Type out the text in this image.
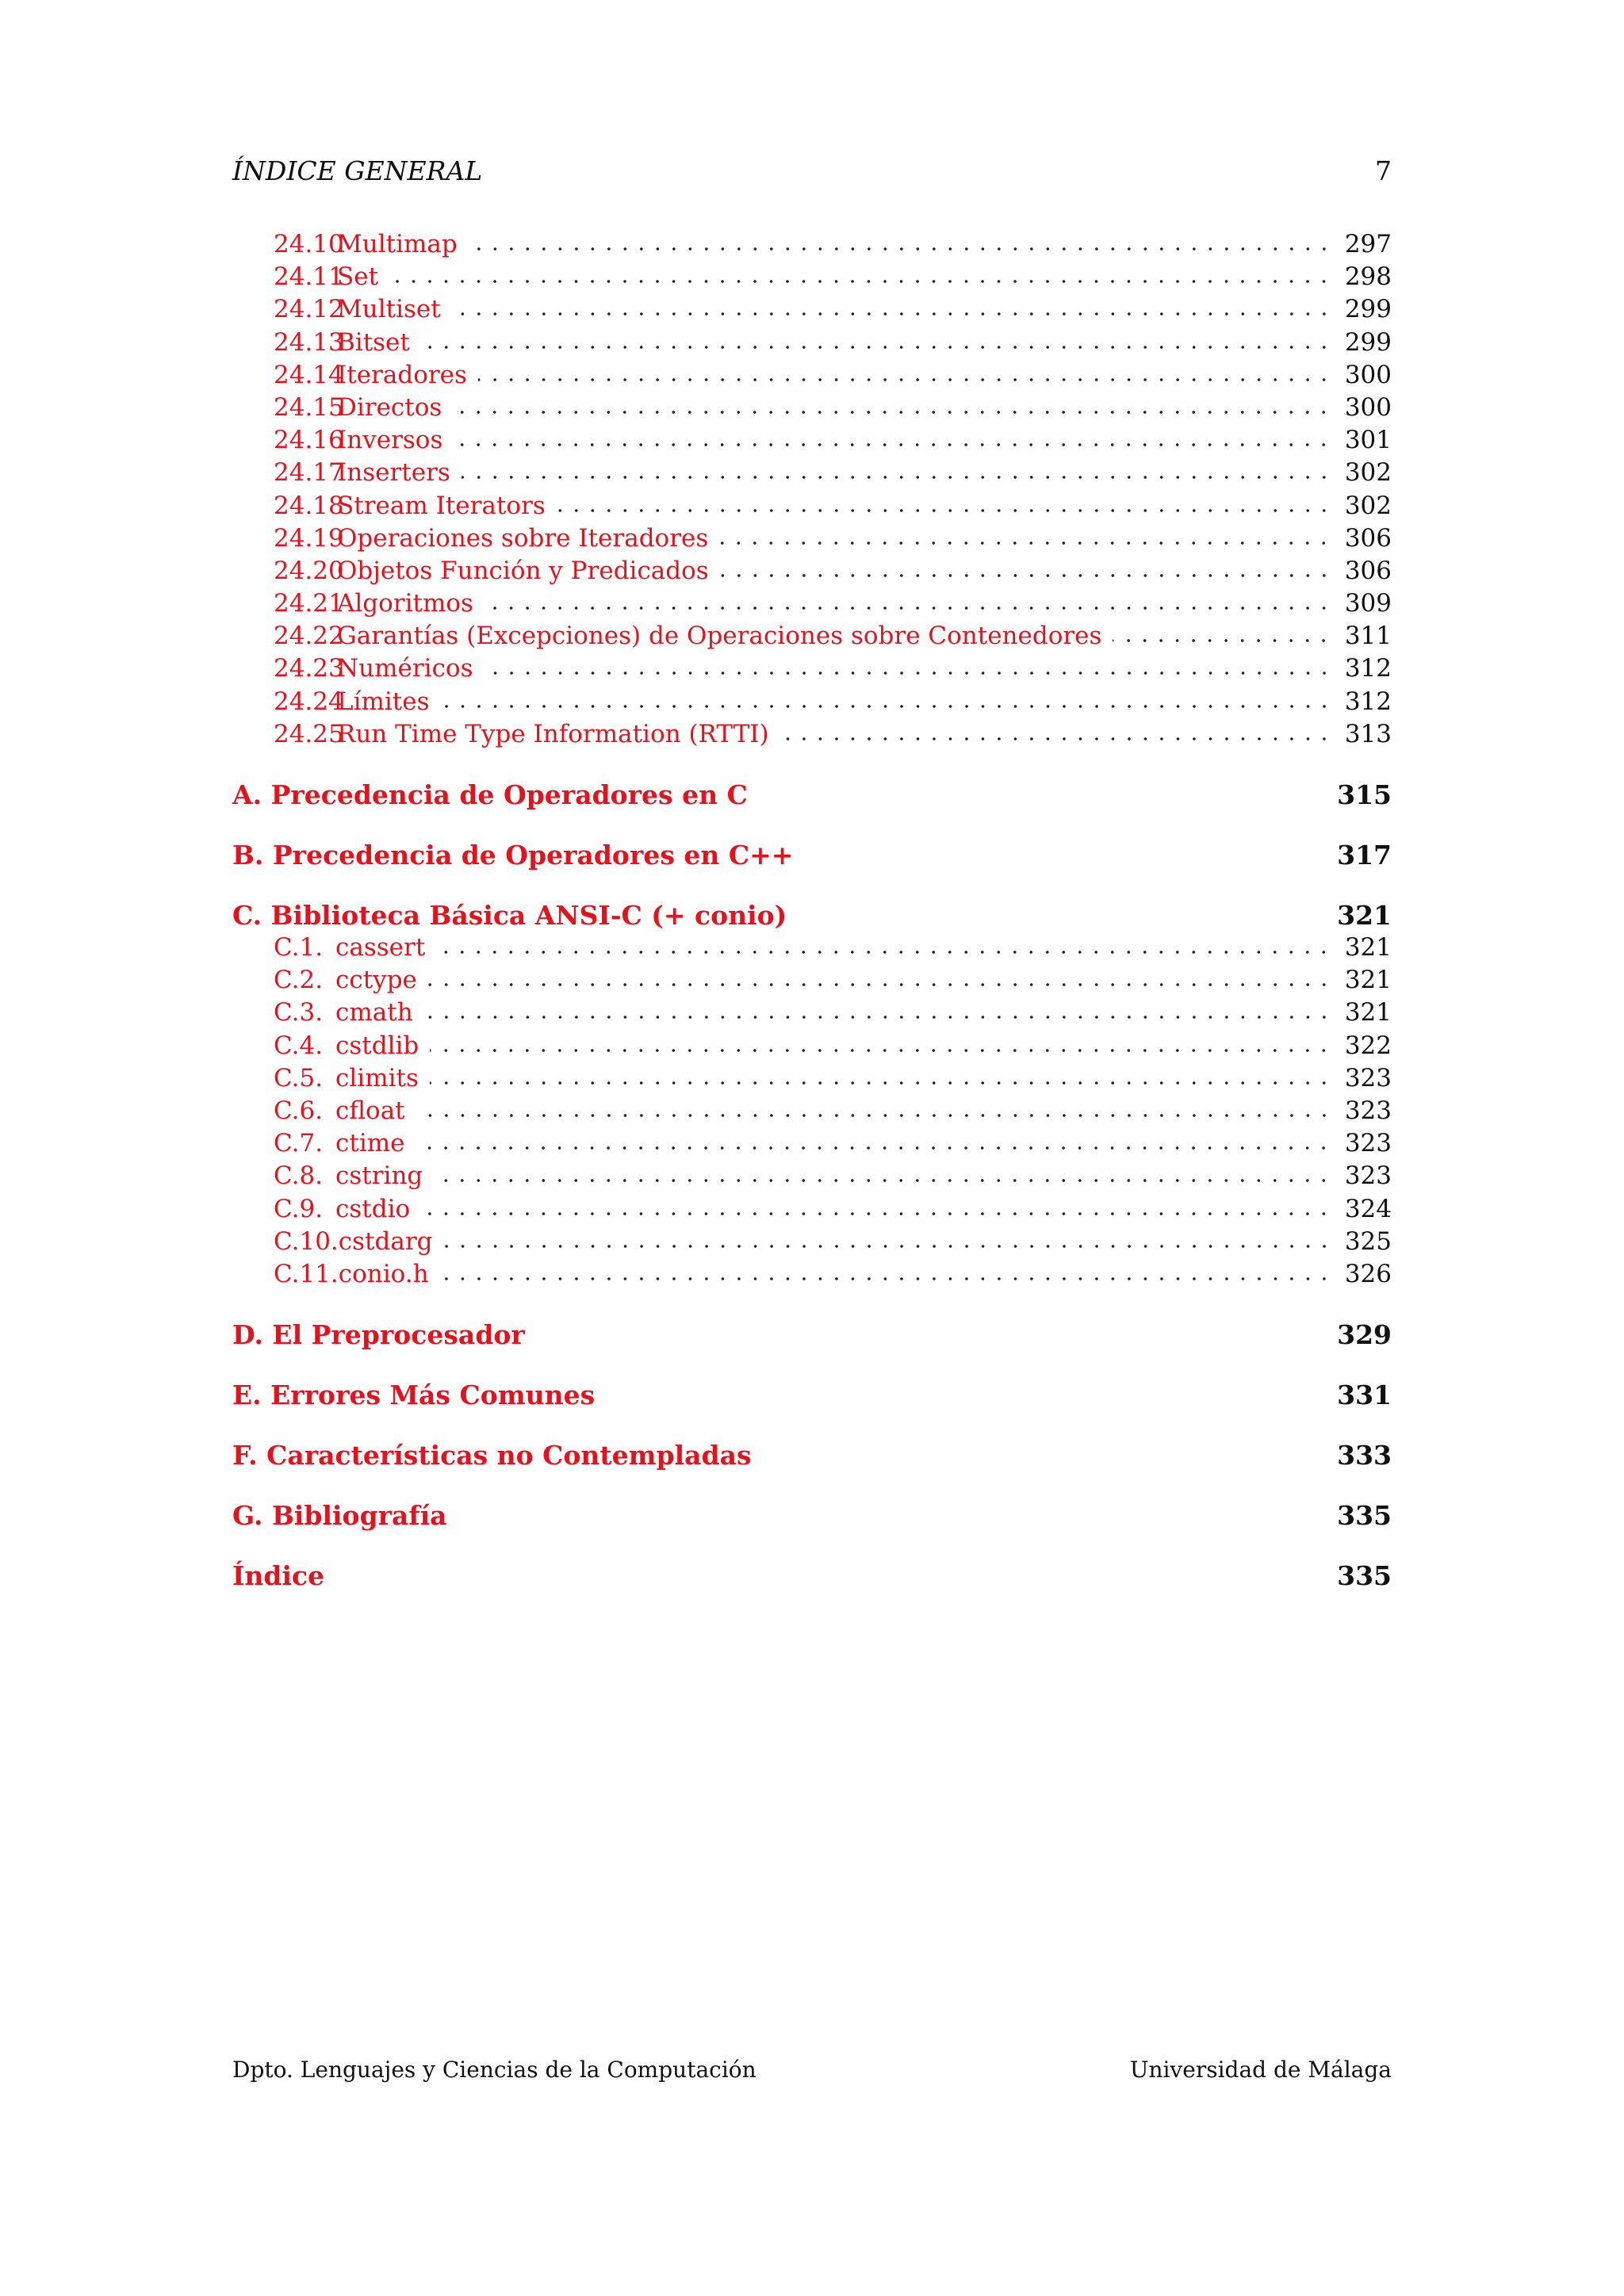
ÍNDICE GENERAL	7
24.10Multimap	297
24.11Set	298
24.12Multiset	299
24.13Bitset	299
24.14Iteradores	300
24.15Directos	300
24.16Inversos	301
24.17Inserters	302
24.18Stream Iterators	302
24.19Operaciones sobre Iteradores	306
24.20Objetos Función y Predicados	306
24.21Algoritmos	309
24.22Garantías (Excepciones) de Operaciones sobre Contenedores	311
24.23Numéricos	312
24.24Límites	312
24.25Run Time Type Information (RTTI)	313
A. Precedencia de Operadores en C	315
B. Precedencia de Operadores en C++	317
C. Biblioteca Básica ANSI-C (+ conio)	321
C.1. cassert	321
C.2. cctype	321
C.3. cmath	321
C.4. cstdlib	322
C.5. climits	323
C.6. cfloat	323
C.7. ctime	323
C.8. cstring	323
C.9. cstdio	324
C.10.cstdarg	325
C.11.conio.h	326
D. El Preprocesador	329
E. Errores Más Comunes	331
F. Características no Contempladas	333
G. Bibliografía	335
Índice	335
Dpto. Lenguajes y Ciencias de la Computación	Universidad de Málaga
